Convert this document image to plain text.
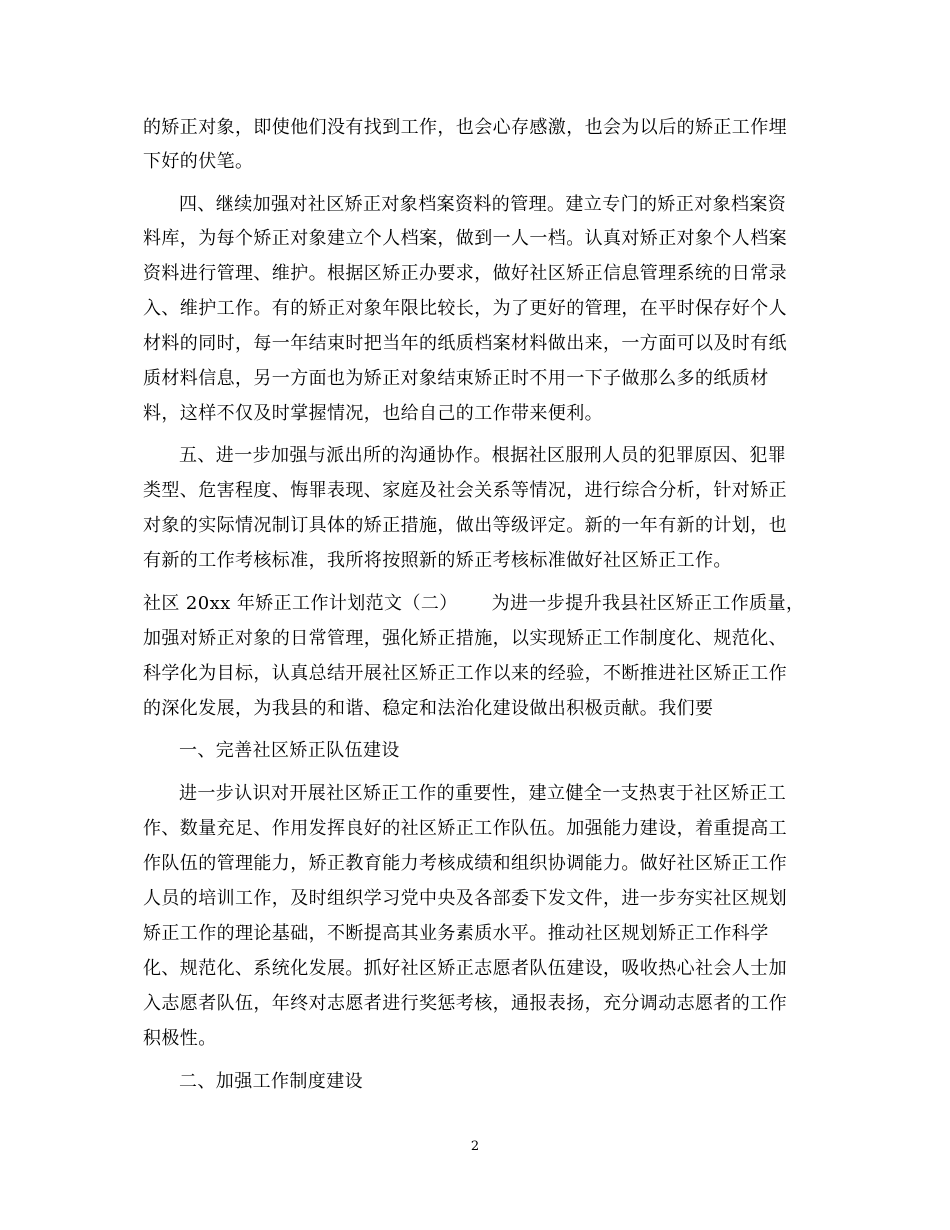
的矫正对象，即使他们没有找到工作，也会心存感激，也会为以后的矫正工作埋
下好的伏笔。
四、继续加强对社区矫正对象档案资料的管理。建立专门的矫正对象档案资
料库，为每个矫正对象建立个人档案，做到一人一档。认真对矫正对象个人档案
资料进行管理、维护。根据区矫正办要求，做好社区矫正信息管理系统的日常录
入、维护工作。有的矫正对象年限比较长，为了更好的管理，在平时保存好个人
材料的同时，每一年结束时把当年的纸质档案材料做出来，一方面可以及时有纸
质材料信息，另一方面也为矫正对象结束矫正时不用一下子做那么多的纸质材
料，这样不仅及时掌握情况，也给自己的工作带来便利。
五、进一步加强与派出所的沟通协作。根据社区服刑人员的犯罪原因、犯罪
类型、危害程度、悔罪表现、家庭及社会关系等情况，进行综合分析，针对矫正
对象的实际情况制订具体的矫正措施，做出等级评定。新的一年有新的计划，也
有新的工作考核标准，我所将按照新的矫正考核标准做好社区矫正工作。
社区 20xx 年矫正工作计划范文（二）　　 为进一步提升我县社区矫正工作质量，
加强对矫正对象的日常管理，强化矫正措施，以实现矫正工作制度化、规范化、
科学化为目标，认真总结开展社区矫正工作以来的经验，不断推进社区矫正工作
的深化发展，为我县的和谐、稳定和法治化建设做出积极贡献。我们要
一、完善社区矫正队伍建设
进一步认识对开展社区矫正工作的重要性，建立健全一支热衷于社区矫正工
作、数量充足、作用发挥良好的社区矫正工作队伍。加强能力建设，着重提高工
作队伍的管理能力，矫正教育能力考核成绩和组织协调能力。做好社区矫正工作
人员的培训工作，及时组织学习党中央及各部委下发文件，进一步夯实社区规划
矫正工作的理论基础，不断提高其业务素质水平。推动社区规划矫正工作科学
化、规范化、系统化发展。抓好社区矫正志愿者队伍建设，吸收热心社会人士加
入志愿者队伍，年终对志愿者进行奖惩考核，通报表扬，充分调动志愿者的工作
积极性。
二、加强工作制度建设
2
